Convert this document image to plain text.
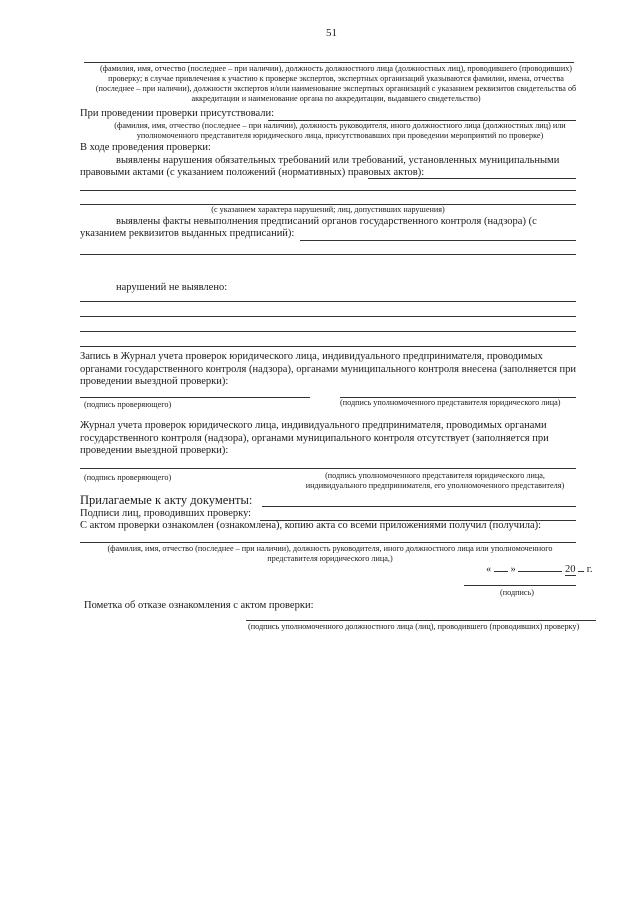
51
(фамилия, имя, отчество (последнее – при наличии), должность должностного лица (должностных лиц), проводившего (проводивших)
проверку; в случае привлечения к участию к проверке экспертов, экспертных организаций указываются фамилии, имена, отчества
(последнее – при наличии), должности экспертов и/или наименование экспертных организаций с указанием реквизитов свидетельства об
аккредитации и наименование органа по аккредитации, выдавшего свидетельство)
При проведении проверки присутствовали:
(фамилия, имя, отчество (последнее – при наличии), должность руководителя, иного должностного лица (должностных лиц) или
уполномоченного представителя юридического лица, присутствовавших при проведении мероприятий по проверке)
В ходе проведения проверки:
выявлены нарушения обязательных требований или требований, установленных муниципальными
правовыми актами (с указанием положений (нормативных) правовых актов):
(с указанием характера нарушений; лиц, допустивших нарушения)
выявлены факты невыполнения предписаний органов государственного контроля (надзора) (с
указанием реквизитов выданных предписаний):
нарушений не выявлено:
Запись в Журнал учета проверок юридического лица, индивидуального предпринимателя, проводимых
органами государственного контроля (надзора), органами муниципального контроля внесена (заполняется при
проведении выездной проверки):
(подпись проверяющего)	(подпись уполномоченного представителя юридического лица)
Журнал учета проверок юридического лица, индивидуального предпринимателя, проводимых органами
государственного контроля (надзора), органами муниципального контроля отсутствует (заполняется при
проведении выездной проверки):
(подпись проверяющего)	(подпись уполномоченного представителя юридического лица,
индивидуального предпринимателя, его уполномоченного представителя)
Прилагаемые к акту документы:
Подписи лиц, проводивших проверку:
С актом проверки ознакомлен (ознакомлена), копию акта со всеми приложениями получил (получила):
(фамилия, имя, отчество (последнее – при наличии), должность руководителя, иного должностного лица или уполномоченного
представителя юридического лица,)
« »	20 г.
(подпись)
Пометка об отказе ознакомления с актом проверки:
(подпись уполномоченного должностного лица (лиц), проводившего (проводивших) проверку)
